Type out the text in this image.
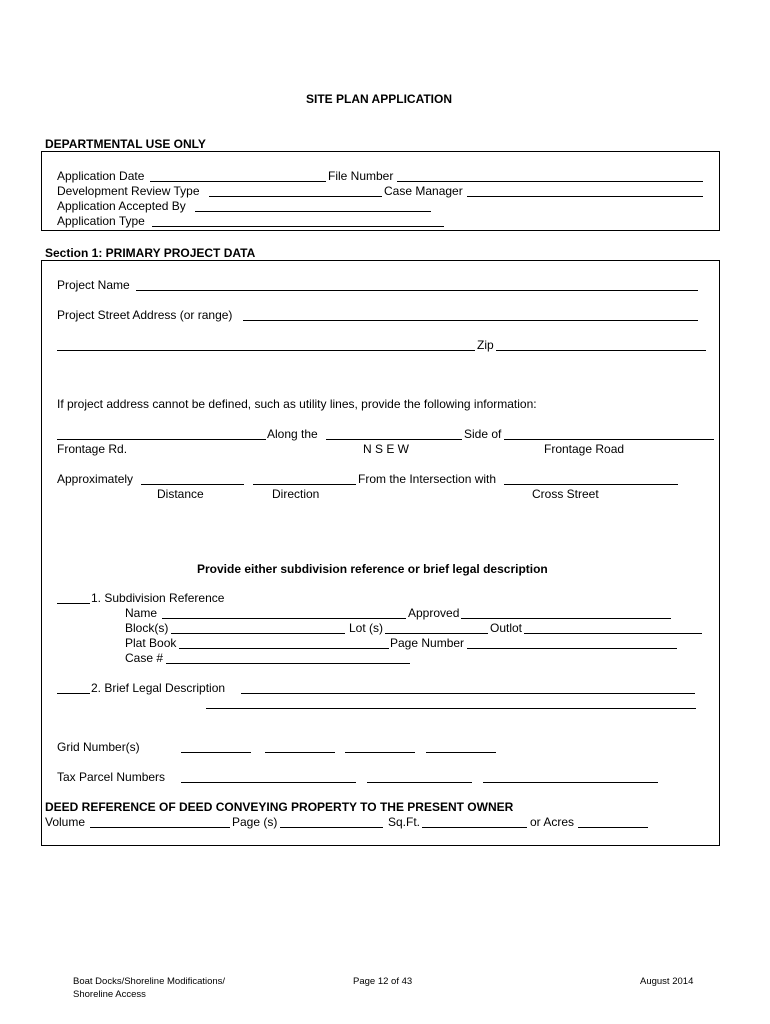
SITE PLAN APPLICATION
DEPARTMENTAL USE ONLY
Application Date	File Number
Development Review Type	Case Manager
Application Accepted By
Application Type
Section 1: PRIMARY PROJECT DATA
Project Name
Project Street Address (or range)
Zip
If project address cannot be defined, such as utility lines, provide the following information:
Along the	Side of
Frontage Rd.	N S E W	Frontage Road
Approximately	From the Intersection with
Distance	Direction	Cross Street
Provide either subdivision reference or brief legal description
1. Subdivision Reference
Name	Approved
Block(s)	Lot (s)	Outlot
Plat Book	Page Number
Case #
2. Brief Legal Description
Grid Number(s)
Tax Parcel Numbers
DEED REFERENCE OF DEED CONVEYING PROPERTY TO THE PRESENT OWNER
Volume	Page (s)	Sq.Ft.	or Acres
Boat Docks/Shoreline Modifications/
Shoreline Access
Page 12 of 43	August 2014
